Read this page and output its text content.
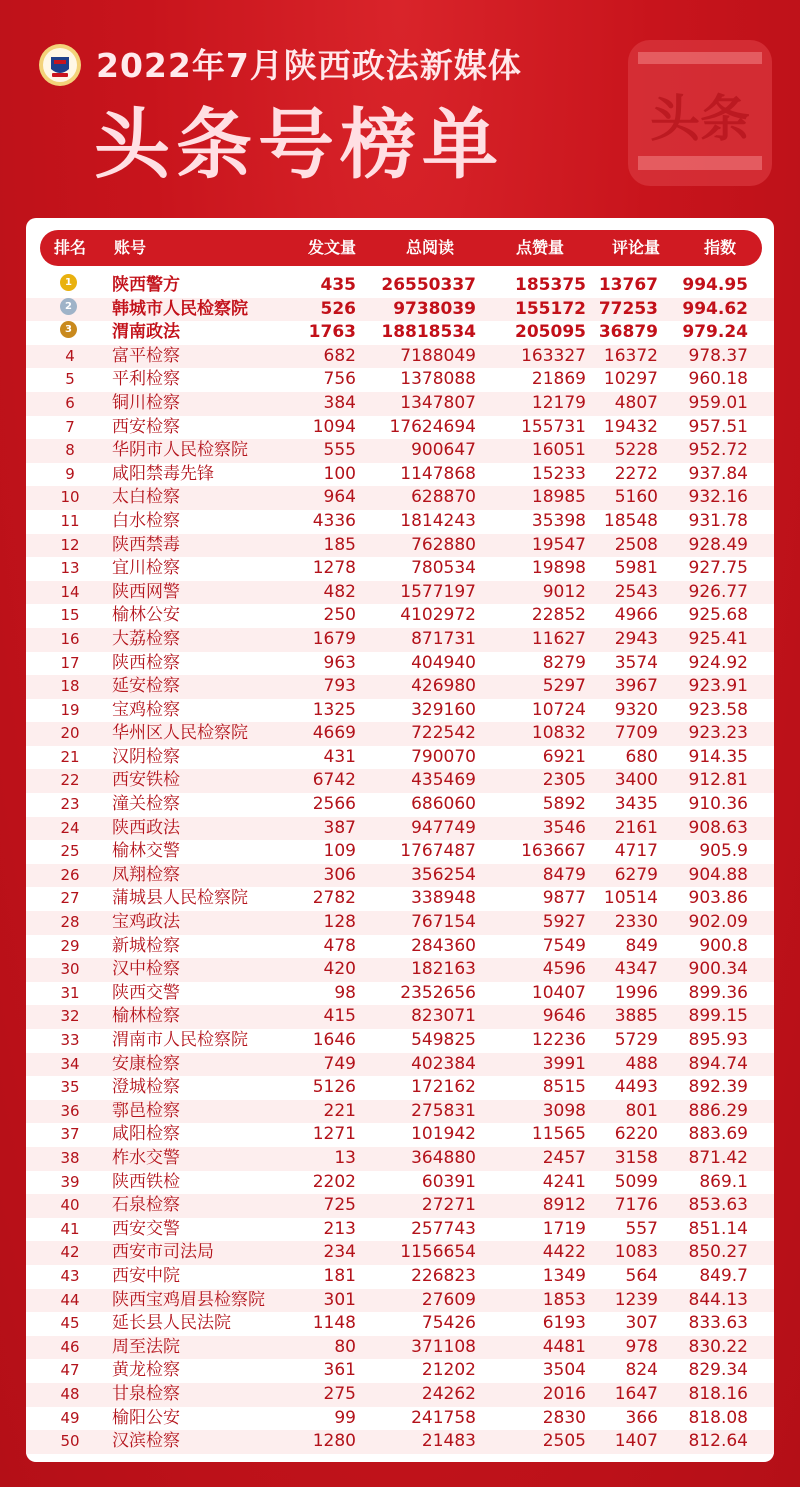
2022年7月陕西政法新媒体
头条号榜单	头条
排名 账号	发文量	总阅读	点赞量	评论量	指数
1 陕西警方	435	26550337	185375 13767	994.95
2 韩城市人民检察院	526	9738039	155172 77253	994.62
3 渭南政法	1763	18818534	205095 36879	979.24
4	富平检察	682	7188049	163327	16372	978.37
5	平利检察	756	1378088	21869	10297	960.18
6	铜川检察	384	1347807	12179	4807	959.01
7	西安检察	1094	17624694	155731	19432	957.51
8	华阴市人民检察院	555	900647	16051	5228	952.72
9	咸阳禁毒先锋	100	1147868	15233	2272	937.84
10	太白检察	964	628870	18985	5160	932.16
11	白水检察	4336	1814243	35398	18548	931.78
12	陕西禁毒	185	762880	19547	2508	928.49
13	宜川检察	1278	780534	19898	5981	927.75
14	陕西网警	482	1577197	9012	2543	926.77
15	榆林公安	250	4102972	22852	4966	925.68
16	大荔检察	1679	871731	11627	2943	925.41
17	陕西检察	963	404940	8279	3574	924.92
18	延安检察	793	426980	5297	3967	923.91
19	宝鸡检察	1325	329160	10724	9320	923.58
20	华州区人民检察院	4669	722542	10832	7709	923.23
21	汉阴检察	431	790070	6921	680	914.35
22	西安铁检	6742	435469	2305	3400	912.81
23	潼关检察	2566	686060	5892	3435	910.36
24	陕西政法	387	947749	3546	2161	908.63
25	榆林交警	109	1767487	163667	4717	905.9
26	凤翔检察	306	356254	8479	6279	904.88
27	蒲城县人民检察院	2782	338948	9877	10514	903.86
28	宝鸡政法	128	767154	5927	2330	902.09
29	新城检察	478	284360	7549	849	900.8
30	汉中检察	420	182163	4596	4347	900.34
31	陕西交警	98	2352656	10407	1996	899.36
32	榆林检察	415	823071	9646	3885	899.15
33	渭南市人民检察院	1646	549825	12236	5729	895.93
34	安康检察	749	402384	3991	488	894.74
35	澄城检察	5126	172162	8515	4493	892.39
36	鄠邑检察	221	275831	3098	801	886.29
37	咸阳检察	1271	101942	11565	6220	883.69
38	柞水交警	13	364880	2457	3158	871.42
39	陕西铁检	2202	60391	4241	5099	869.1
40	石泉检察	725	27271	8912	7176	853.63
41	西安交警	213	257743	1719	557	851.14
42	西安市司法局	234	1156654	4422	1083	850.27
43	西安中院	181	226823	1349	564	849.7
44	陕西宝鸡眉县检察院	301	27609	1853	1239	844.13
45	延长县人民法院	1148	75426	6193	307	833.63
46	周至法院	80	371108	4481	978	830.22
47	黄龙检察	361	21202	3504	824	829.34
48	甘泉检察	275	24262	2016	1647	818.16
49	榆阳公安	99	241758	2830	366	818.08
50	汉滨检察	1280	21483	2505	1407	812.64
